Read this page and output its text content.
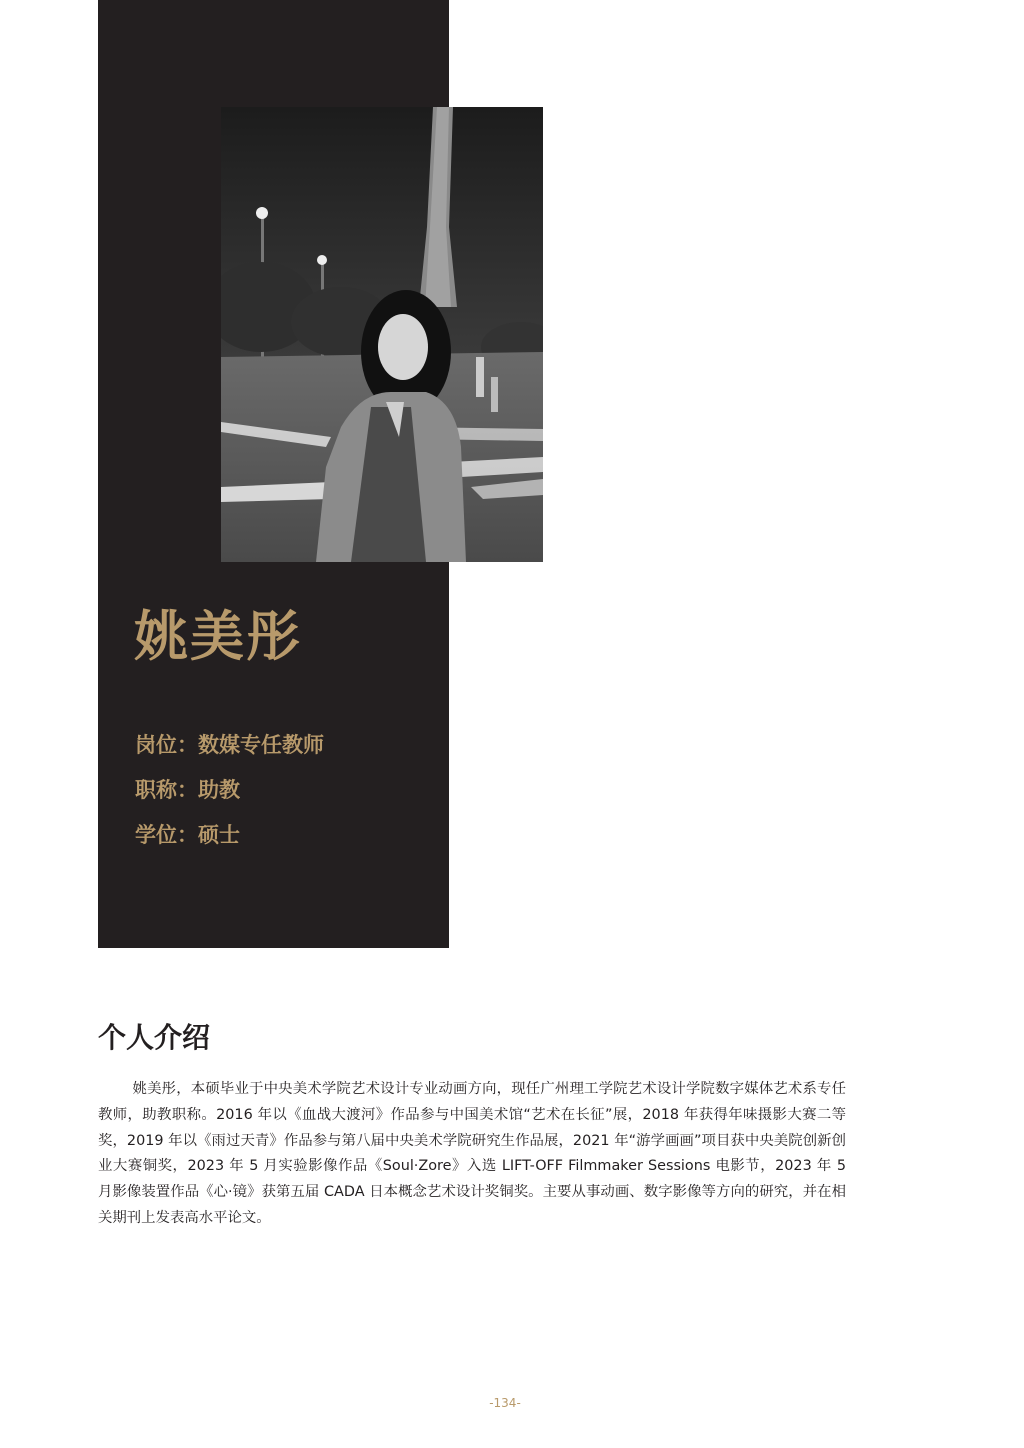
姚美彤
岗位：数媒专任教师
职称：助教
学位：硕士
个人介绍

姚美彤，本硕毕业于中央美术学院艺术设计专业动画方向，现任广州理工学院艺术设计学院数字媒体艺术系专任教师，助教职称。2016 年以《血战大渡河》作品参与中国美术馆“艺术在长征”展，2018 年获得年味摄影大赛二等奖，2019 年以《雨过天青》作品参与第八届中央美术学院研究生作品展，2021 年“游学画画”项目获中央美院创新创业大赛铜奖，2023 年 5 月实验影像作品《Soul·Zore》入选 LIFT-OFF Filmmaker Sessions 电影节，2023 年 5 月影像装置作品《心·镜》获第五届 CADA 日本概念艺术设计奖铜奖。主要从事动画、数字影像等方向的研究，并在相关期刊上发表高水平论文。

-134-
